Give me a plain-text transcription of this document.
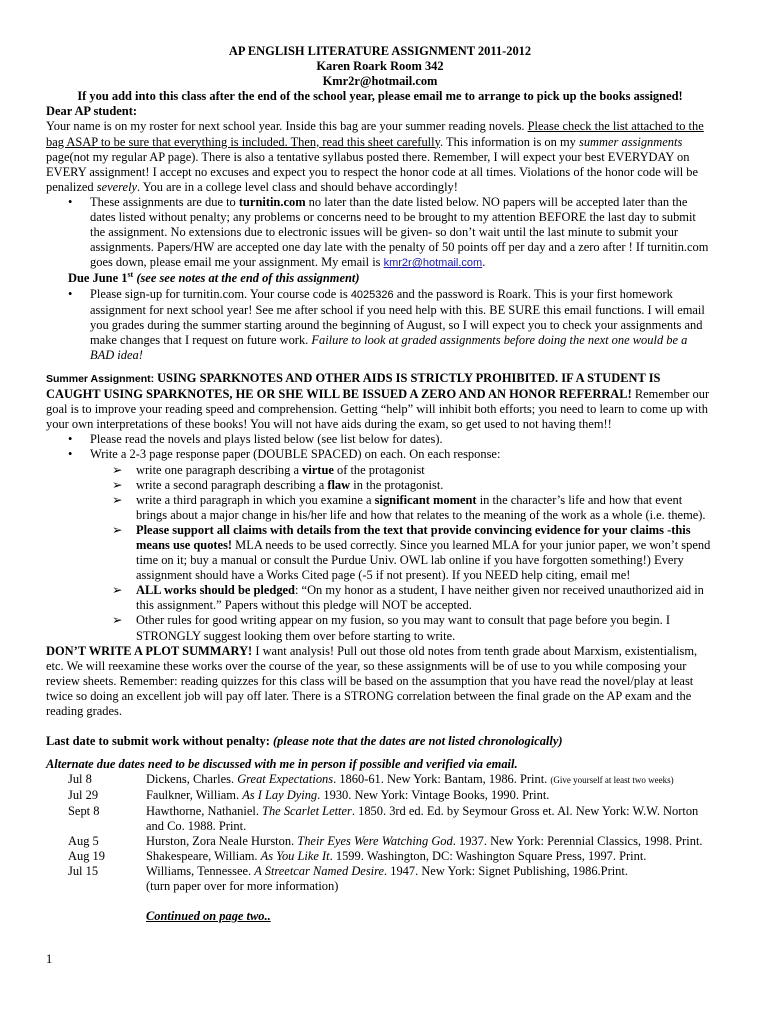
AP ENGLISH LITERATURE ASSIGNMENT 2011-2012

Karen Roark Room 342

Kmr2r@hotmail.com

If you add into this class after the end of the school year, please email me to arrange to pick up the books assigned!

Dear AP student:

Your name is on my roster for next school year. Inside this bag are your summer reading novels. Please check the list attached to the bag ASAP to be sure that everything is included. Then, read this sheet carefully. This information is on my summer assignments page(not my regular AP page). There is also a tentative syllabus posted there. Remember, I will expect your best EVERYDAY on EVERY assignment! I accept no excuses and expect you to respect the honor code at all times. Violations of the honor code will be penalized severely. You are in a college level class and should behave accordingly!

• These assignments are due to turnitin.com no later than the date listed below. NO papers will be accepted later than the dates listed without penalty; any problems or concerns need to be brought to my attention BEFORE the last day to submit the assignment. No extensions due to electronic issues will be given- so don’t wait until the last minute to submit your assignments. Papers/HW are accepted one day late with the penalty of 50 points off per day and a zero after ! If turnitin.com goes down, please email me your assignment. My email is kmr2r@hotmail.com.

Due June 1st (see see notes at the end of this assignment)

• Please sign-up for turnitin.com. Your course code is 4025326 and the password is Roark. This is your first homework assignment for next school year! See me after school if you need help with this. BE SURE this email functions. I will email you grades during the summer starting around the beginning of August, so I will expect you to check your assignments and make changes that I request on future work. Failure to look at graded assignments before doing the next one would be a BAD idea!

Summer Assignment: USING SPARKNOTES AND OTHER AIDS IS STRICTLY PROHIBITED. IF A STUDENT IS CAUGHT USING SPARKNOTES, HE OR SHE WILL BE ISSUED A ZERO AND AN HONOR REFERRAL! Remember our goal is to improve your reading speed and comprehension. Getting “help” will inhibit both efforts; you need to learn to come up with your own interpretations of these books! You will not have aids during the exam, so get used to not having them!!

• Please read the novels and plays listed below (see list below for dates).
• Write a 2-3 page response paper (DOUBLE SPACED) on each. On each response:
➢ write one paragraph describing a virtue of the protagonist
➢ write a second paragraph describing a flaw in the protagonist.
➢ write a third paragraph in which you examine a significant moment in the character’s life and how that event brings about a major change in his/her life and how that relates to the meaning of the work as a whole (i.e. theme).
➢ Please support all claims with details from the text that provide convincing evidence for your claims -this means use quotes! MLA needs to be used correctly. Since you learned MLA for your junior paper, we won’t spend time on it; buy a manual or consult the Purdue Univ. OWL lab online if you have forgotten something!) Every assignment should have a Works Cited page (-5 if not present). If you NEED help citing, email me!
➢ ALL works should be pledged: “On my honor as a student, I have neither given nor received unauthorized aid in this assignment.” Papers without this pledge will NOT be accepted.
➢ Other rules for good writing appear on my fusion, so you may want to consult that page before you begin. I STRONGLY suggest looking them over before starting to write.

DON’T WRITE A PLOT SUMMARY! I want analysis! Pull out those old notes from tenth grade about Marxism, existentialism, etc. We will reexamine these works over the course of the year, so these assignments will be of use to you while composing your review sheets. Remember: reading quizzes for this class will be based on the assumption that you have read the novel/play at least twice so doing an excellent job will pay off later. There is a STRONG correlation between the final grade on the AP exam and the reading grades.

Last date to submit work without penalty: (please note that the dates are not listed chronologically)

Alternate due dates need to be discussed with me in person if possible and verified via email.

Jul 8	Dickens, Charles. Great Expectations. 1860-61. New York: Bantam, 1986. Print. (Give yourself at least two weeks)
Jul 29	Faulkner, William. As I Lay Dying. 1930. New York: Vintage Books, 1990. Print.
Sept 8	Hawthorne, Nathaniel. The Scarlet Letter. 1850. 3rd ed. Ed. by Seymour Gross et. Al. New York: W.W. Norton and Co. 1988. Print.
Aug 5	Hurston, Zora Neale Hurston. Their Eyes Were Watching God. 1937. New York: Perennial Classics, 1998. Print.
Aug 19	Shakespeare, William. As You Like It. 1599. Washington, DC: Washington Square Press, 1997. Print.
Jul 15	Williams, Tennessee. A Streetcar Named Desire. 1947. New York: Signet Publishing, 1986.Print.
(turn paper over for more information)
Continued on page two..
1
